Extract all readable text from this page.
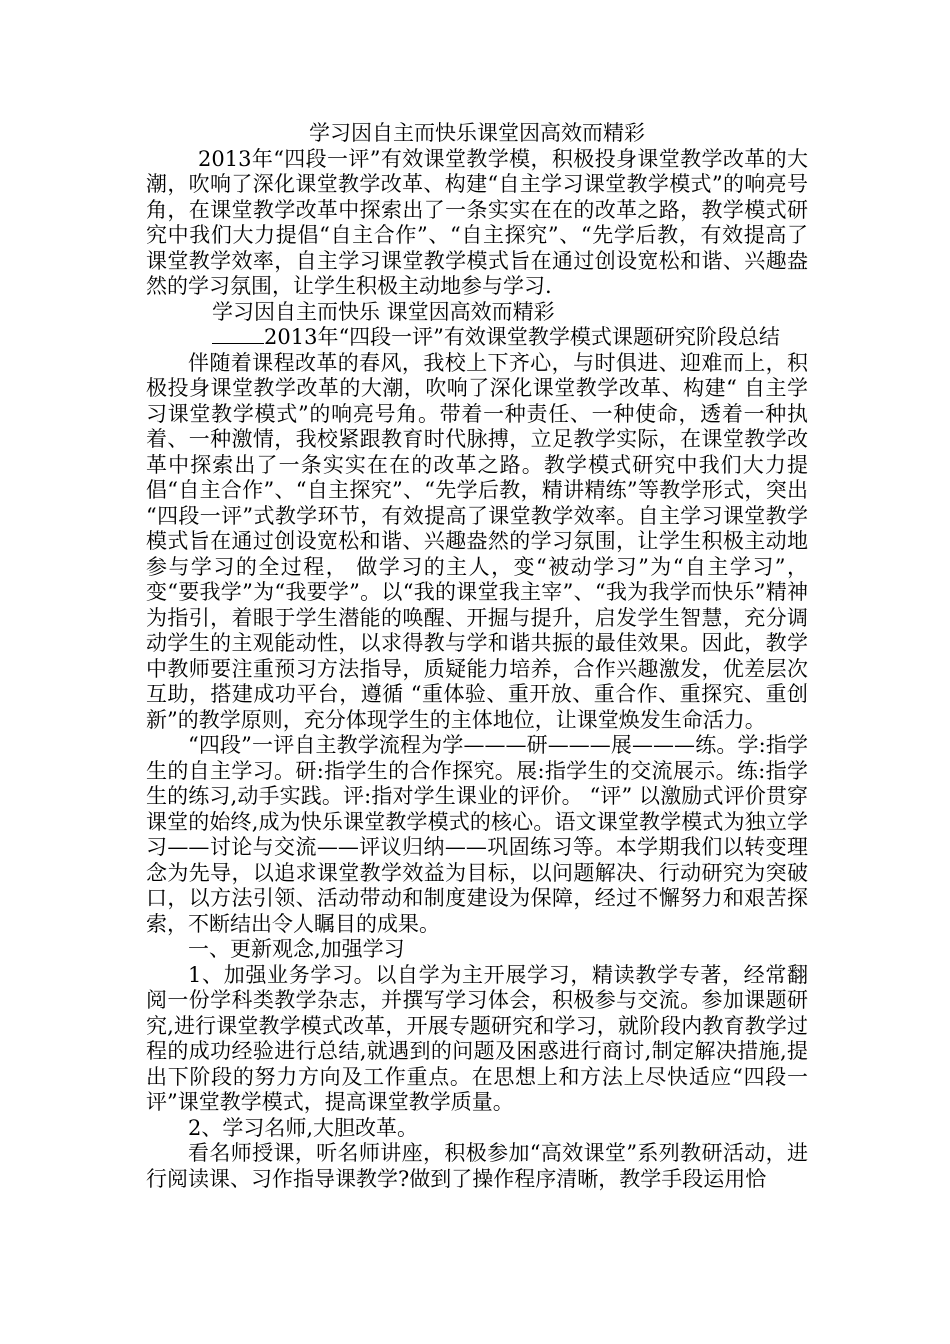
学习因自主而快乐课堂因高效而精彩

2013年“四段一评”有效课堂教学模，积极投身课堂教学改革的大潮，吹响了深化课堂教学改革、构建“自主学习课堂教学模式”的响亮号角，在课堂教学改革中探索出了一条实实在在的改革之路，教学模式研究中我们大力提倡“自主合作”、“自主探究”、“先学后教，有效提高了课堂教学效率，自主学习课堂教学模式旨在通过创设宽松和谐、兴趣盎然的学习氛围，让学生积极主动地参与学习.

学习因自主而快乐 课堂因高效而精彩

2013年“四段一评”有效课堂教学模式课题研究阶段总结

伴随着课程改革的春风，我校上下齐心，与时俱进、迎难而上，积极投身课堂教学改革的大潮，吹响了深化课堂教学改革、构建“ 自主学习课堂教学模式”的响亮号角。带着一种责任、一种使命，透着一种执着、一种激情，我校紧跟教育时代脉搏，立足教学实际，在课堂教学改革中探索出了一条实实在在的改革之路。教学模式研究中我们大力提倡“自主合作”、“自主探究”、“先学后教，精讲精练”等教学形式，突出 “四段一评”式教学环节，有效提高了课堂教学效率。自主学习课堂教学模式旨在通过创设宽松和谐、兴趣盎然的学习氛围，让学生积极主动地参与学习的全过程， 做学习的主人，变“被动学习”为“自主学习”，变“要我学”为“我要学”。以“我的课堂我主宰”、“我为我学而快乐”精神为指引，着眼于学生潜能的唤醒、开掘与提升，启发学生智慧，充分调动学生的主观能动性，以求得教与学和谐共振的最佳效果。因此，教学中教师要注重预习方法指导，质疑能力培养，合作兴趣激发，优差层次互助，搭建成功平台，遵循 “重体验、重开放、重合作、重探究、重创新”的教学原则，充分体现学生的主体地位，让课堂焕发生命活力。

“四段”一评自主教学流程为学———研———展———练。学:指学生的自主学习。研:指学生的合作探究。展:指学生的交流展示。练:指学生的练习,动手实践。评:指对学生课业的评价。 “评” 以激励式评价贯穿课堂的始终,成为快乐课堂教学模式的核心。语文课堂教学模式为独立学习——讨论与交流——评议归纳——巩固练习等。本学期我们以转变理念为先导，以追求课堂教学效益为目标，以问题解决、行动研究为突破口，以方法引领、活动带动和制度建设为保障，经过不懈努力和艰苦探索，不断结出令人瞩目的成果。

一、更新观念,加强学习

1、加强业务学习。以自学为主开展学习，精读教学专著，经常翻阅一份学科类教学杂志，并撰写学习体会，积极参与交流。参加课题研究,进行课堂教学模式改革，开展专题研究和学习，就阶段内教育教学过程的成功经验进行总结,就遇到的问题及困惑进行商讨,制定解决措施,提出下阶段的努力方向及工作重点。在思想上和方法上尽快适应“四段一评”课堂教学模式，提高课堂教学质量。

2、学习名师,大胆改革。

看名师授课，听名师讲座，积极参加“高效课堂”系列教研活动，进行阅读课、习作指导课教学?做到了操作程序清晰，教学手段运用恰
